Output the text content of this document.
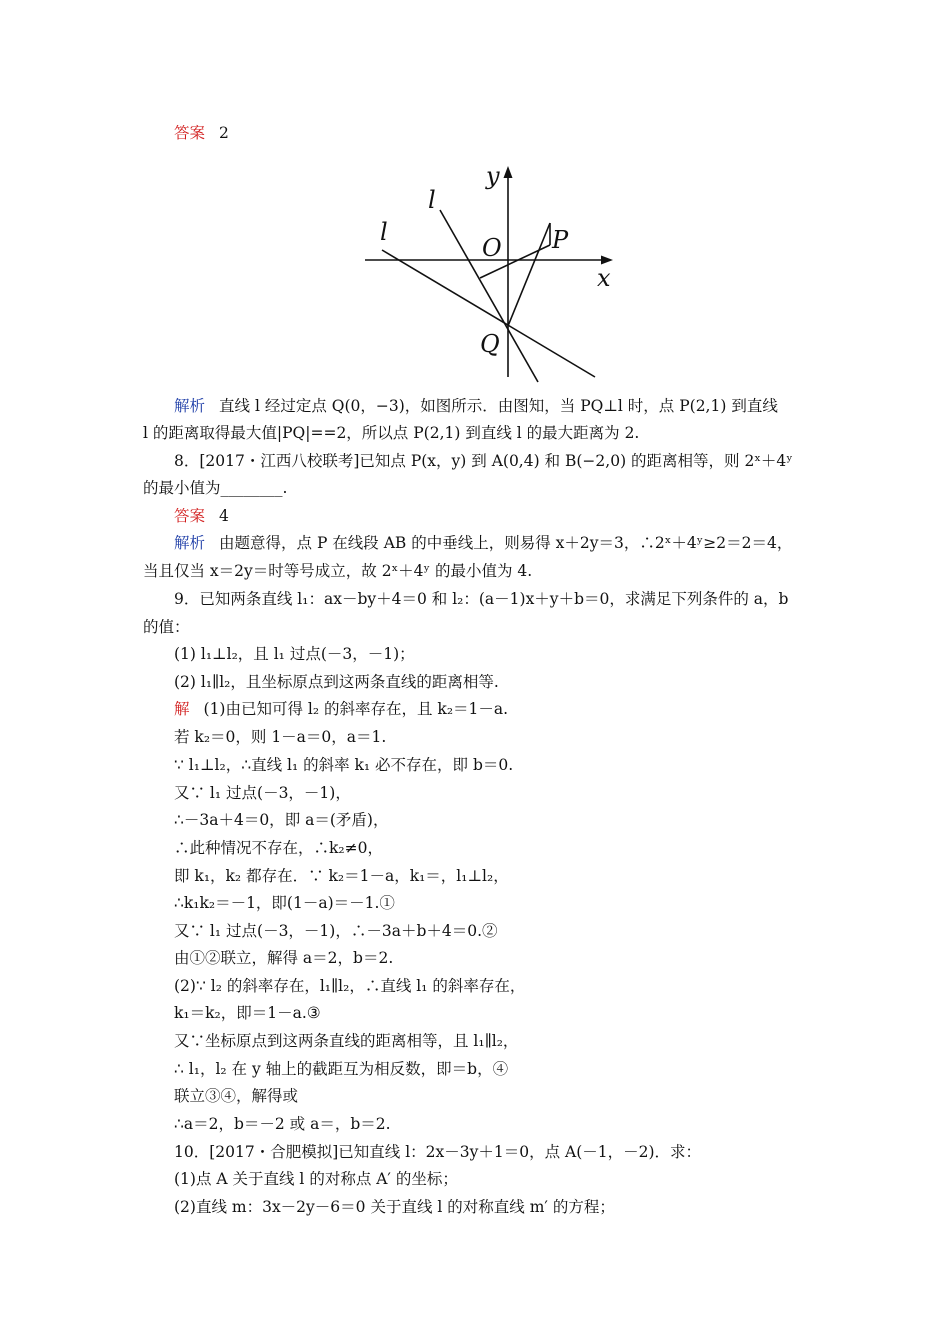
答案 2
y
x
O P
Q
l
l
解析 直线 l 经过定点 Q(0，−3)，如图所示．由图知，当 PQ⊥l 时，点 P(2,1) 到直线
l 的距离取得最大值|PQ|==2，所以点 P(2,1) 到直线 l 的最大距离为 2.
8．[2017・江西八校联考]已知点 P(x，y) 到 A(0,4) 和 B(−2,0) 的距离相等，则 2ˣ＋4ʸ
的最小值为________.
答案 4
解析 由题意得，点 P 在线段 AB 的中垂线上，则易得 x＋2y＝3，∴2ˣ＋4ʸ≥2＝2＝4，
当且仅当 x＝2y＝时等号成立，故 2ˣ＋4ʸ 的最小值为 4.
9．已知两条直线 l₁：ax－by＋4＝0 和 l₂：(a－1)x＋y＋b＝0，求满足下列条件的 a，b
的值：
(1) l₁⊥l₂，且 l₁ 过点(－3，－1)；
(2) l₁∥l₂，且坐标原点到这两条直线的距离相等.
解 (1)由已知可得 l₂ 的斜率存在，且 k₂＝1－a.
若 k₂＝0，则 1－a＝0，a＝1.
∵ l₁⊥l₂，∴直线 l₁ 的斜率 k₁ 必不存在，即 b＝0.
又∵ l₁ 过点(－3，－1)，
∴－3a＋4＝0，即 a＝(矛盾)，
∴此种情况不存在，∴k₂≠0，
即 k₁，k₂ 都存在．∵ k₂＝1－a，k₁＝，l₁⊥l₂，
∴k₁k₂＝－1，即(1－a)＝－1.①
又∵ l₁ 过点(－3，－1)，∴－3a＋b＋4＝0.②
由①②联立，解得 a＝2，b＝2.
(2)∵ l₂ 的斜率存在，l₁∥l₂，∴直线 l₁ 的斜率存在，
k₁＝k₂，即＝1－a.③
又∵坐标原点到这两条直线的距离相等，且 l₁∥l₂，
∴ l₁，l₂ 在 y 轴上的截距互为相反数，即＝b，④
联立③④，解得或
∴a＝2，b＝－2 或 a＝，b＝2.
10．[2017・合肥模拟]已知直线 l：2x－3y＋1＝0，点 A(－1，－2)．求：
(1)点 A 关于直线 l 的对称点 A′ 的坐标；
(2)直线 m：3x－2y－6＝0 关于直线 l 的对称直线 m′ 的方程；
